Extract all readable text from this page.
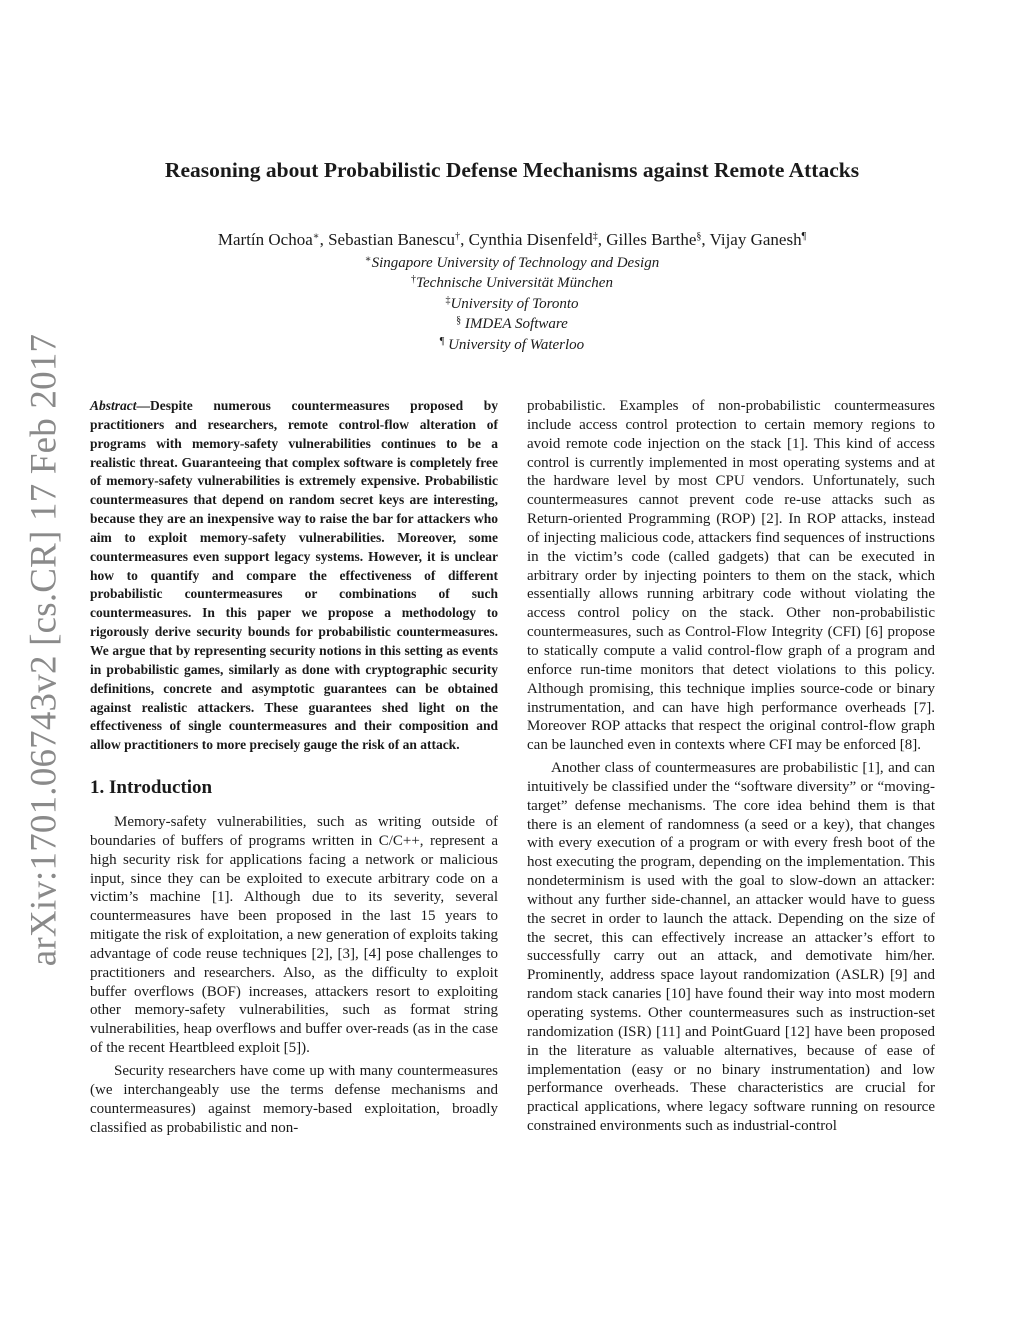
arXiv:1701.06743v2 [cs.CR] 17 Feb 2017
Reasoning about Probabilistic Defense Mechanisms against Remote Attacks
Martín Ochoa∗, Sebastian Banescu†, Cynthia Disenfeld‡, Gilles Barthe§, Vijay Ganesh¶
∗Singapore University of Technology and Design
†Technische Universität München
‡University of Toronto
§ IMDEA Software
¶ University of Waterloo

Abstract—Despite numerous countermeasures proposed by practitioners and researchers, remote control-flow alteration of programs with memory-safety vulnerabilities continues to be a realistic threat. Guaranteeing that complex software is completely free of memory-safety vulnerabilities is extremely expensive. Probabilistic countermeasures that depend on random secret keys are interesting, because they are an inexpensive way to raise the bar for attackers who aim to exploit memory-safety vulnerabilities. Moreover, some countermeasures even support legacy systems. However, it is unclear how to quantify and compare the effectiveness of different probabilistic countermeasures or combinations of such countermeasures. In this paper we propose a methodology to rigorously derive security bounds for probabilistic countermeasures. We argue that by representing security notions in this setting as events in probabilistic games, similarly as done with cryptographic security definitions, concrete and asymptotic guarantees can be obtained against realistic attackers. These guarantees shed light on the effectiveness of single countermeasures and their composition and allow practitioners to more precisely gauge the risk of an attack.

1. Introduction

Memory-safety vulnerabilities, such as writing outside of boundaries of buffers of programs written in C/C++, represent a high security risk for applications facing a network or malicious input, since they can be exploited to execute arbitrary code on a victim’s machine [1]. Although due to its severity, several countermeasures have been proposed in the last 15 years to mitigate the risk of exploitation, a new generation of exploits taking advantage of code reuse techniques [2], [3], [4] pose challenges to practitioners and researchers. Also, as the difficulty to exploit buffer overflows (BOF) increases, attackers resort to exploiting other memory-safety vulnerabilities, such as format string vulnerabilities, heap overflows and buffer over-reads (as in the case of the recent Heartbleed exploit [5]).

Security researchers have come up with many countermeasures (we interchangeably use the terms defense mechanisms and countermeasures) against memory-based exploitation, broadly classified as probabilistic and non-

probabilistic. Examples of non-probabilistic countermeasures include access control protection to certain memory regions to avoid remote code injection on the stack [1]. This kind of access control is currently implemented in most operating systems and at the hardware level by most CPU vendors. Unfortunately, such countermeasures cannot prevent code re-use attacks such as Return-oriented Programming (ROP) [2]. In ROP attacks, instead of injecting malicious code, attackers find sequences of instructions in the victim’s code (called gadgets) that can be executed in arbitrary order by injecting pointers to them on the stack, which essentially allows running arbitrary code without violating the access control policy on the stack. Other non-probabilistic countermeasures, such as Control-Flow Integrity (CFI) [6] propose to statically compute a valid control-flow graph of a program and enforce run-time monitors that detect violations to this policy. Although promising, this technique implies source-code or binary instrumentation, and can have high performance overheads [7]. Moreover ROP attacks that respect the original control-flow graph can be launched even in contexts where CFI may be enforced [8].

Another class of countermeasures are probabilistic [1], and can intuitively be classified under the “software diversity” or “moving-target” defense mechanisms. The core idea behind them is that there is an element of randomness (a seed or a key), that changes with every execution of a program or with every fresh boot of the host executing the program, depending on the implementation. This nondeterminism is used with the goal to slow-down an attacker: without any further side-channel, an attacker would have to guess the secret in order to launch the attack. Depending on the size of the secret, this can effectively increase an attacker’s effort to successfully carry out an attack, and demotivate him/her. Prominently, address space layout randomization (ASLR) [9] and random stack canaries [10] have found their way into most modern operating systems. Other countermeasures such as instruction-set randomization (ISR) [11] and PointGuard [12] have been proposed in the literature as valuable alternatives, because of ease of implementation (easy or no binary instrumentation) and low performance overheads. These characteristics are crucial for practical applications, where legacy software running on resource constrained environments such as industrial-control
